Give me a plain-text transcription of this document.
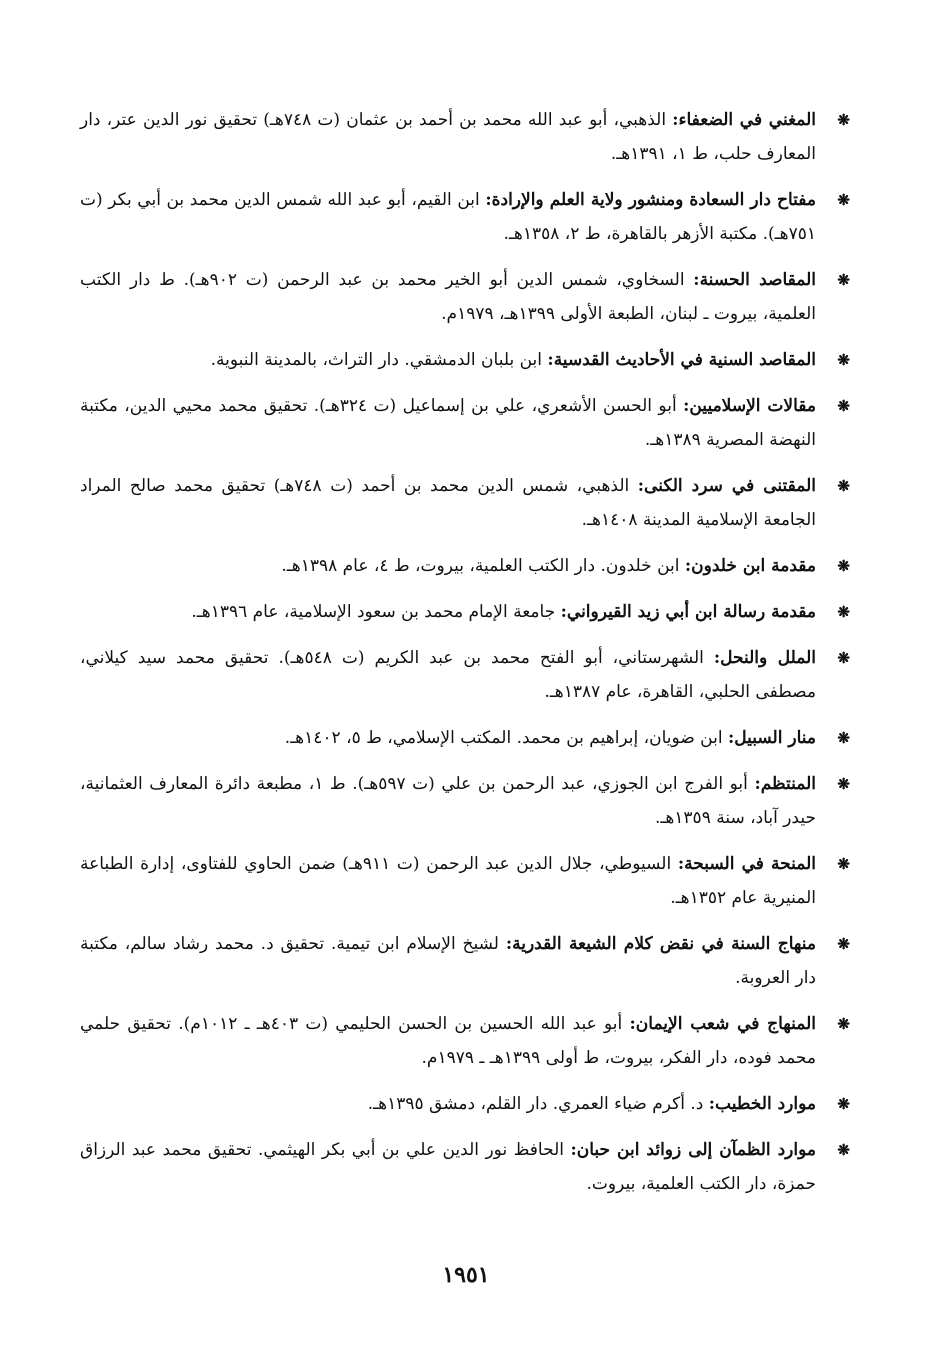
❋
المغني في الضعفاء: الذهبي، أبو عبد الله محمد بن أحمد بن عثمان (ت ٧٤٨هـ) تحقيق نور الدين عتر، دار المعارف حلب، ط ١، ١٣٩١هـ.

❋
مفتاح دار السعادة ومنشور ولاية العلم والإرادة: ابن القيم، أبو عبد الله شمس الدين محمد بن أبي بكر (ت ٧٥١هـ). مكتبة الأزهر بالقاهرة، ط ٢، ١٣٥٨هـ.

❋
المقاصد الحسنة: السخاوي، شمس الدين أبو الخير محمد بن عبد الرحمن (ت ٩٠٢هـ). ط دار الكتب العلمية، بيروت ـ لبنان، الطبعة الأولى ١٣٩٩هـ، ١٩٧٩م.

❋
المقاصد السنية في الأحاديث القدسية: ابن بلبان الدمشقي. دار التراث، بالمدينة النبوية.

❋
مقالات الإسلاميين: أبو الحسن الأشعري، علي بن إسماعيل (ت ٣٢٤هـ). تحقيق محمد محيي الدين، مكتبة النهضة المصرية ١٣٨٩هـ.

❋
المقتنى في سرد الكنى: الذهبي، شمس الدين محمد بن أحمد (ت ٧٤٨هـ) تحقيق محمد صالح المراد الجامعة الإسلامية المدينة ١٤٠٨هـ.

❋
مقدمة ابن خلدون: ابن خلدون. دار الكتب العلمية، بيروت، ط ٤، عام ١٣٩٨هـ.

❋
مقدمة رسالة ابن أبي زيد القيرواني: جامعة الإمام محمد بن سعود الإسلامية، عام ١٣٩٦هـ.

❋
الملل والنحل: الشهرستاني، أبو الفتح محمد بن عبد الكريم (ت ٥٤٨هـ). تحقيق محمد سيد كيلاني، مصطفى الحلبي، القاهرة، عام ١٣٨٧هـ.

❋
منار السبيل: ابن ضويان، إبراهيم بن محمد. المكتب الإسلامي، ط ٥، ١٤٠٢هـ.

❋
المنتظم: أبو الفرج ابن الجوزي، عبد الرحمن بن علي (ت ٥٩٧هـ). ط ١، مطبعة دائرة المعارف العثمانية، حيدر آباد، سنة ١٣٥٩هـ.

❋
المنحة في السبحة: السيوطي، جلال الدين عبد الرحمن (ت ٩١١هـ) ضمن الحاوي للفتاوى، إدارة الطباعة المنيرية عام ١٣٥٢هـ.

❋
منهاج السنة في نقض كلام الشيعة القدرية: لشيخ الإسلام ابن تيمية. تحقيق د. محمد رشاد سالم، مكتبة دار العروبة.

❋
المنهاج في شعب الإيمان: أبو عبد الله الحسين بن الحسن الحليمي (ت ٤٠٣هـ ـ ١٠١٢م). تحقيق حلمي محمد فوده، دار الفكر، بيروت، ط أولى ١٣٩٩هـ ـ ١٩٧٩م.

❋
موارد الخطيب: د. أكرم ضياء العمري. دار القلم، دمشق ١٣٩٥هـ.

❋
موارد الظمآن إلى زوائد ابن حبان: الحافظ نور الدين علي بن أبي بكر الهيثمي. تحقيق محمد عبد الرزاق حمزة، دار الكتب العلمية، بيروت.

١٩٥١
